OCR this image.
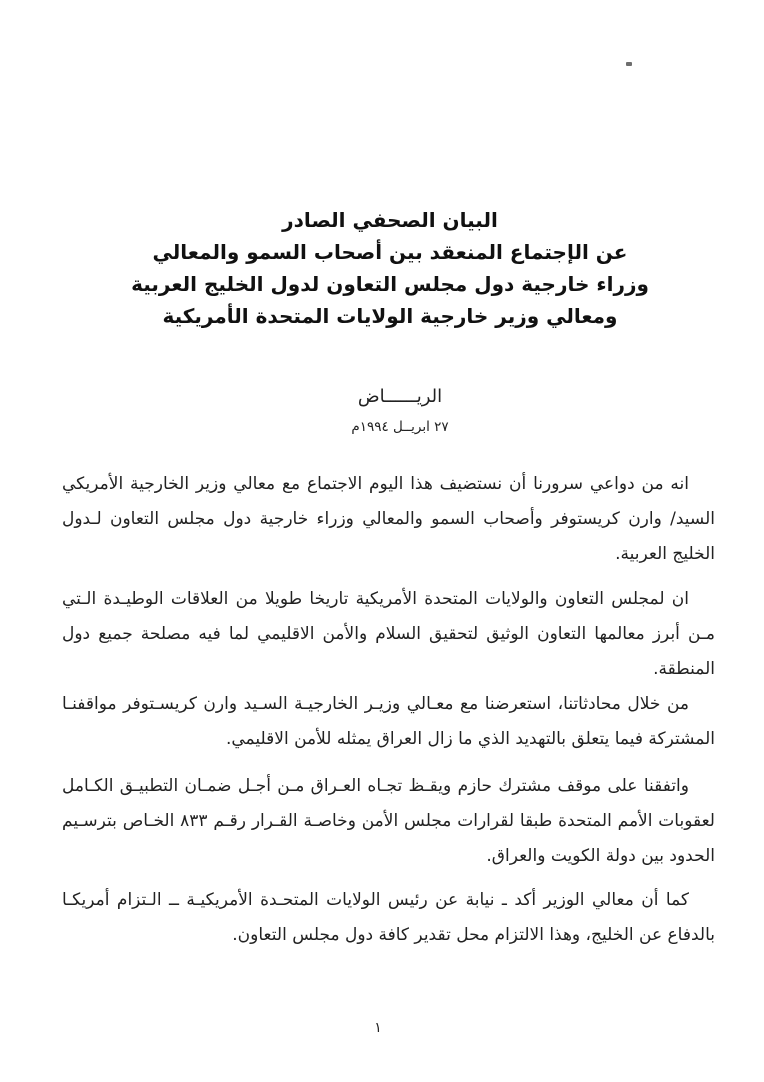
البيان الصحفي الصادر
عن الإجتماع المنعقد بين أصحاب السمو والمعالي
وزراء خارجية دول مجلس التعاون لدول الخليج العربية
ومعالي وزير خارجية الولايات المتحدة الأمريكية
الريــــــاض
٢٧ ابريــل ١٩٩٤م

انه من دواعي سرورنا أن نستضيف هذا اليوم الاجتماع مع معالي وزير الخارجية الأمريكي السيد/ وارن كريستوفر وأصحاب السمو والمعالي وزراء خارجية دول مجلس التعاون لـدول الخليج العربية.

ان لمجلس التعاون والولايات المتحدة الأمريكية تاريخا طويلا من العلاقات الوطيـدة الـتي مـن أبرز معالمها التعاون الوثيق لتحقيق السلام والأمن الاقليمي لما فيه مصلحة جميع دول المنطقة.

من خلال محادثاتنا، استعرضنا مع معـالي وزيـر الخارجيـة السـيد وارن كريسـتوفر مواقفنـا المشتركة فيما يتعلق بالتهديد الذي ما زال العراق يمثله للأمن الاقليمي.

واتفقنا على موقف مشترك حازم ويقـظ تجـاه العـراق مـن أجـل ضمـان التطبيـق الكـامل لعقوبات الأمم المتحدة طبقا لقرارات مجلس الأمن وخاصـة القـرار رقـم ٨٣٣ الخـاص بترسـيم الحدود بين دولة الكويت والعراق.

كما أن معالي الوزير أكد ـ نيابة عن رئيس الولايات المتحـدة الأمريكيـة ــ الـتزام أمريكـا بالدفاع عن الخليج، وهذا الالتزام محل تقدير كافة دول مجلس التعاون.

١
